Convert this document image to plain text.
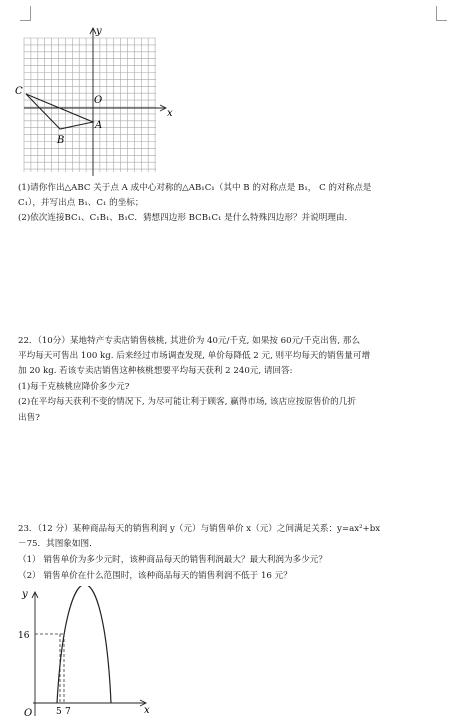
y
x
O
C
A
B
(1)请你作出△ABC 关于点 A 成中心对称的△AB₁C₁（其中 B 的对称点是 B₁， C 的对称点是
C₁），并写出点 B₁、C₁ 的坐标；
(2)依次连接BC₁、C₁B₁、B₁C．猜想四边形 BCB₁C₁ 是什么特殊四边形？并说明理由．
22．（10分）某地特产专卖店销售核桃, 其进价为 40元/千克, 如果按 60元/千克出售, 那么
平均每天可售出 100 kg. 后来经过市场调查发现, 单价每降低 2 元, 则平均每天的销售量可增
加 20 kg. 若该专卖店销售这种核桃想要平均每天获利 2 240元, 请回答:
(1)每千克核桃应降价多少元?
(2)在平均每天获利不变的情况下, 为尽可能让利于顾客, 赢得市场, 该店应按原售价的几折
出售?
23．（12 分）某种商品每天的销售利润 y（元）与销售单价 x（元）之间满足关系：y=ax²+bx
－75．其图象如图．
（1） 销售单价为多少元时，该种商品每天的销售利润最大？最大利润为多少元？
（2） 销售单价在什么范围时，该种商品每天的销售利润不低于 16 元？
y
x
16
O	5 7
